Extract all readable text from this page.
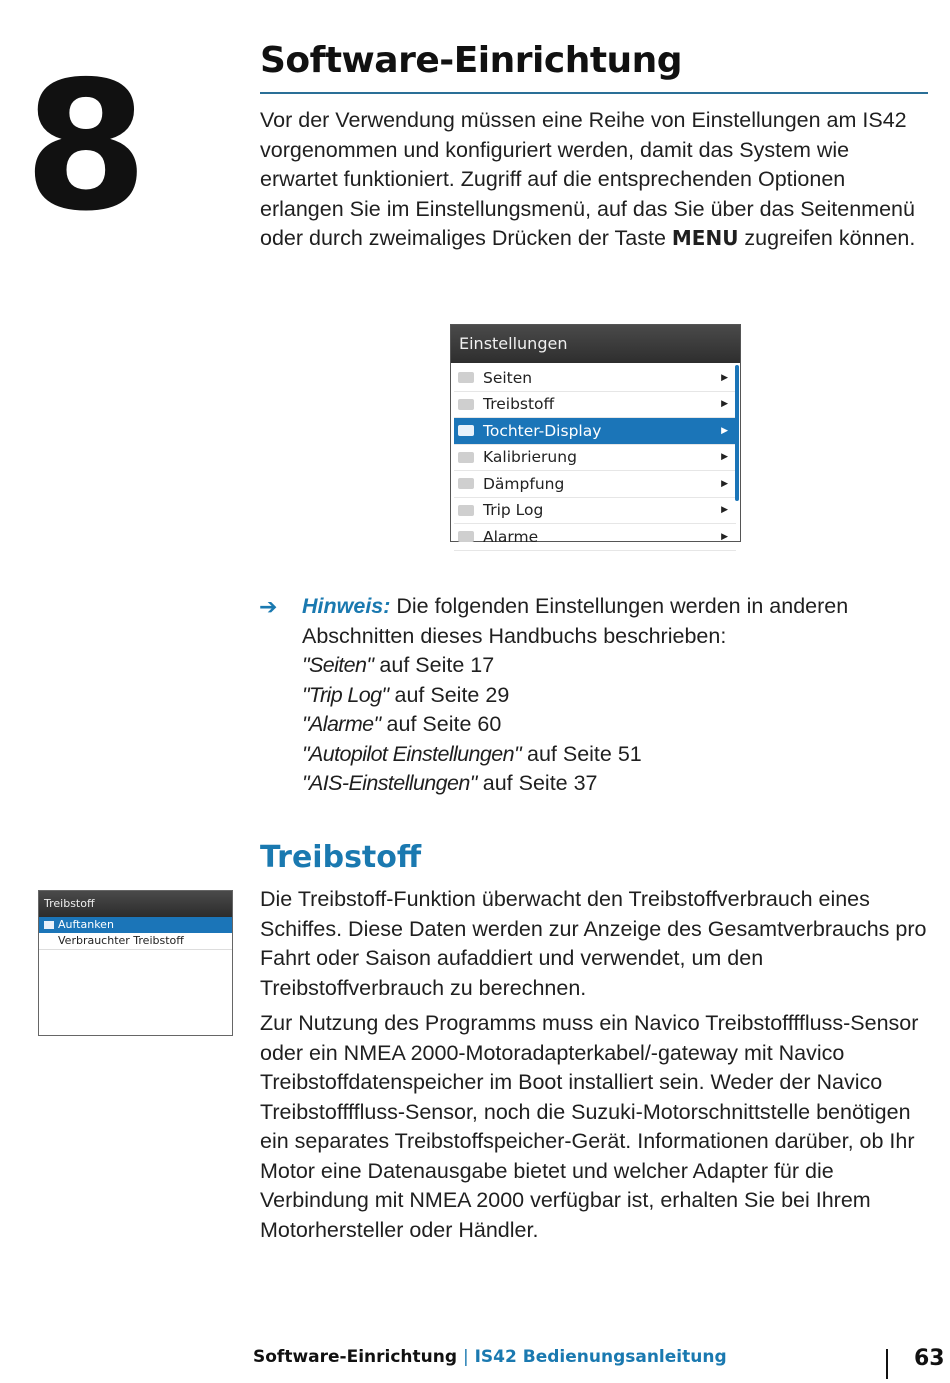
8	Software-Einrichtung
Vor der Verwendung müssen eine Reihe von Einstellungen am IS42 vorgenommen und konfiguriert werden, damit das System wie erwartet funktioniert. Zugriff auf die entsprechenden Optionen erlangen Sie im Einstellungsmenü, auf das Sie über das Seitenmenü oder durch zweimaliges Drücken der Taste MENU zugreifen können.
Einstellungen
Seiten	▶
Treibstoff	▶
Tochter-Display	▶
Kalibrierung	▶
Dämpfung	▶
Trip Log	▶
Alarme	▶
➔ Hinweis: Die folgenden Einstellungen werden in anderen Abschnitten dieses Handbuchs beschrieben:
"Seiten" auf Seite 17
"Trip Log" auf Seite 29
"Alarme" auf Seite 60
"Autopilot Einstellungen" auf Seite 51
"AIS-Einstellungen" auf Seite 37
Treibstoff
Treibstoff
Auftanken
Verbrauchter Treibstoff
Die Treibstoff-Funktion überwacht den Treibstoffverbrauch eines Schiffes. Diese Daten werden zur Anzeige des Gesamtverbrauchs pro Fahrt oder Saison aufaddiert und verwendet, um den Treibstoffverbrauch zu berechnen.
Zur Nutzung des Programms muss ein Navico Treibstoffffluss-Sensor oder ein NMEA 2000-Motoradapterkabel/-gateway mit Navico Treibstoffdatenspeicher im Boot installiert sein. Weder der Navico Treibstoffffluss-Sensor, noch die Suzuki-Motorschnittstelle benötigen ein separates Treibstoffspeicher-Gerät. Informationen darüber, ob Ihr Motor eine Datenausgabe bietet und welcher Adapter für die Verbindung mit NMEA 2000 verfügbar ist, erhalten Sie bei Ihrem Motorhersteller oder Händler.
Software-Einrichtung | IS42 Bedienungsanleitung	63
